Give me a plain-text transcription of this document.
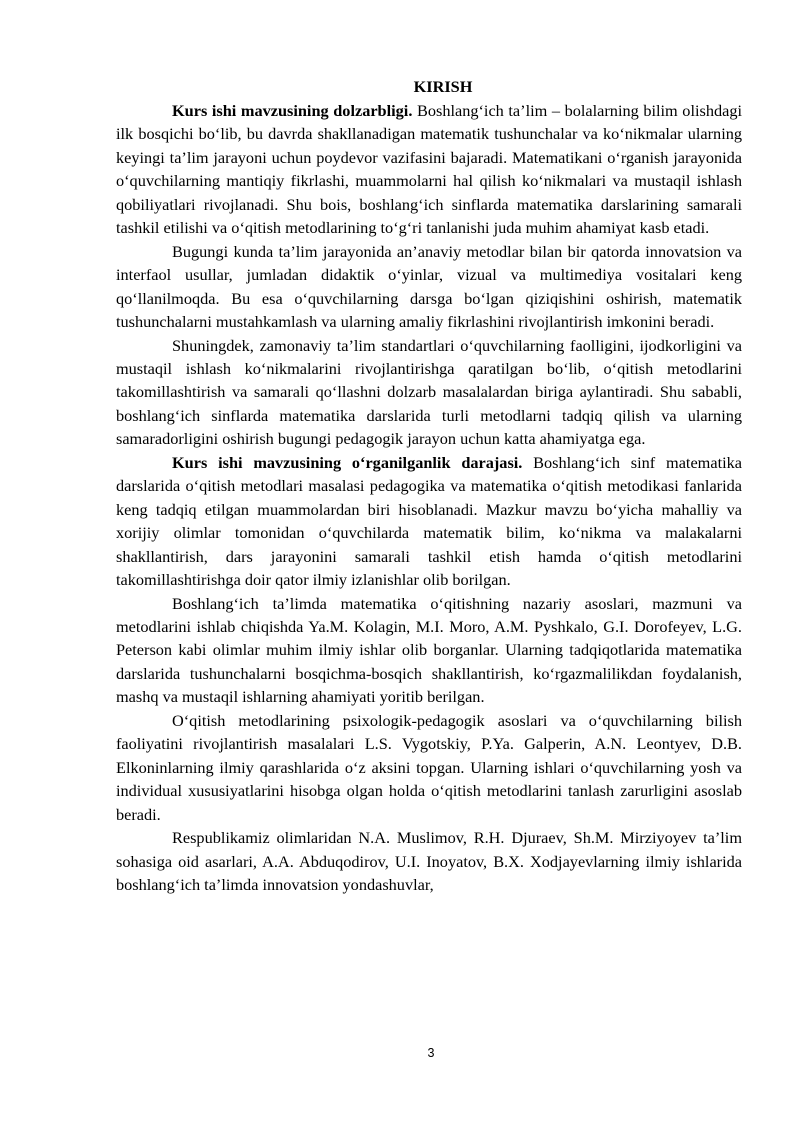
KIRISH

Kurs ishi mavzusining dolzarbligi. Boshlang‘ich ta’lim – bolalarning bilim olishdagi ilk bosqichi bo‘lib, bu davrda shakllanadigan matematik tushunchalar va ko‘nikmalar ularning keyingi ta’lim jarayoni uchun poydevor vazifasini bajaradi. Matematikani o‘rganish jarayonida o‘quvchilarning mantiqiy fikrlashi, muammolarni hal qilish ko‘nikmalari va mustaqil ishlash qobiliyatlari rivojlanadi. Shu bois, boshlang‘ich sinflarda matematika darslarining samarali tashkil etilishi va o‘qitish metodlarining to‘g‘ri tanlanishi juda muhim ahamiyat kasb etadi.

Bugungi kunda ta’lim jarayonida an’anaviy metodlar bilan bir qatorda innovatsion va interfaol usullar, jumladan didaktik o‘yinlar, vizual va multimediya vositalari keng qo‘llanilmoqda. Bu esa o‘quvchilarning darsga bo‘lgan qiziqishini oshirish, matematik tushunchalarni mustahkamlash va ularning amaliy fikrlashini rivojlantirish imkonini beradi.

Shuningdek, zamonaviy ta’lim standartlari o‘quvchilarning faolligini, ijodkorligini va mustaqil ishlash ko‘nikmalarini rivojlantirishga qaratilgan bo‘lib, o‘qitish metodlarini takomillashtirish va samarali qo‘llashni dolzarb masalalardan biriga aylantiradi. Shu sababli, boshlang‘ich sinflarda matematika darslarida turli metodlarni tadqiq qilish va ularning samaradorligini oshirish bugungi pedagogik jarayon uchun katta ahamiyatga ega.

Kurs ishi mavzusining o‘rganilganlik darajasi. Boshlang‘ich sinf matematika darslarida o‘qitish metodlari masalasi pedagogika va matematika o‘qitish metodikasi fanlarida keng tadqiq etilgan muammolardan biri hisoblanadi. Mazkur mavzu bo‘yicha mahalliy va xorijiy olimlar tomonidan o‘quvchilarda matematik bilim, ko‘nikma va malakalarni shakllantirish, dars jarayonini samarali tashkil etish hamda o‘qitish metodlarini takomillashtirishga doir qator ilmiy izlanishlar olib borilgan.

Boshlang‘ich ta’limda matematika o‘qitishning nazariy asoslari, mazmuni va metodlarini ishlab chiqishda Ya.M. Kolagin, M.I. Moro, A.M. Pyshkalo, G.I. Dorofeyev, L.G. Peterson kabi olimlar muhim ilmiy ishlar olib borganlar. Ularning tadqiqotlarida matematika darslarida tushunchalarni bosqichma-bosqich shakllantirish, ko‘rgazmalilikdan foydalanish, mashq va mustaqil ishlarning ahamiyati yoritib berilgan.

O‘qitish metodlarining psixologik-pedagogik asoslari va o‘quvchilarning bilish faoliyatini rivojlantirish masalalari L.S. Vygotskiy, P.Ya. Galperin, A.N. Leontyev, D.B. Elkoninlarning ilmiy qarashlarida o‘z aksini topgan. Ularning ishlari o‘quvchilarning yosh va individual xususiyatlarini hisobga olgan holda o‘qitish metodlarini tanlash zarurligini asoslab beradi.

Respublikamiz olimlaridan N.A. Muslimov, R.H. Djuraev, Sh.M. Mirziyoyev ta’lim sohasiga oid asarlari, A.A. Abduqodirov, U.I. Inoyatov, B.X. Xodjayevlarning ilmiy ishlarida boshlang‘ich ta’limda innovatsion yondashuvlar,

3
